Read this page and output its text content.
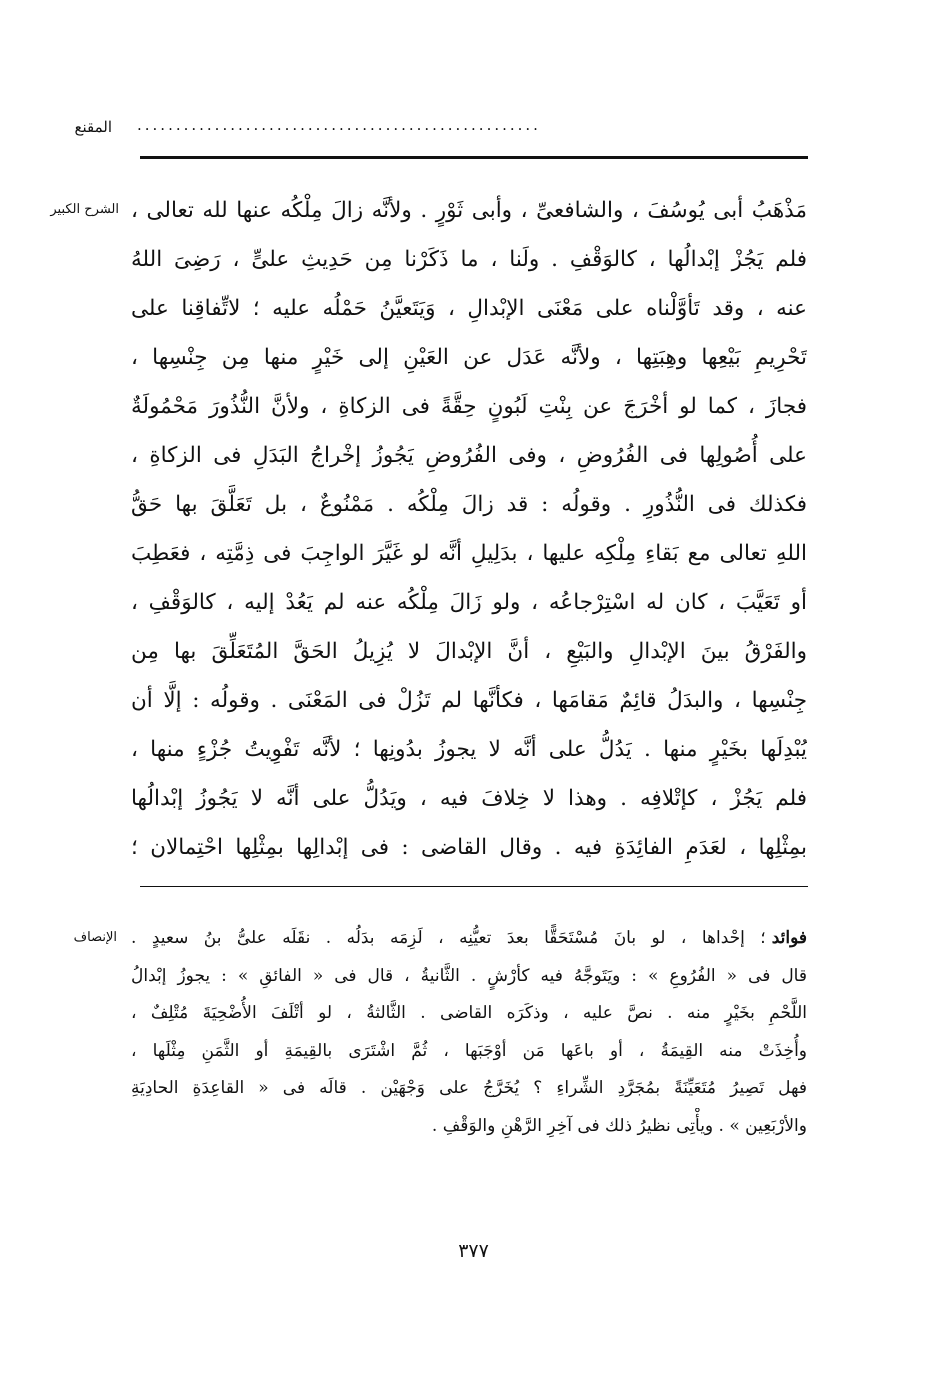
المقنع ....................................................
الشرح الكبير مَذْهَبُ أبى يُوسُفَ ، والشافعىِّ ، وأبى ثَوْرٍ . ولأنَّه زالَ مِلْكُه عنها لله تعالى ،
فلم يَجُزْ إبْدالُها ، كالوَقْفِ . ولَنا ، ما ذَكَرْنا مِن حَدِيثِ علىٍّ ، رَضِىَ اللهُ
عنه ، وقد تَأوَّلْناه على مَعْنَى الإبْدالِ ، وَيَتَعيَّنُ حَمْلُه عليه ؛ لاتِّفاقِنا على
تَحْرِيمِ بَيْعِها وهِبَتِها ، ولأنَّه عَدَل عن العَيْنِ إلى خَيْرٍ منها مِن جِنْسِها ،
فجازَ ، كما لو أخْرَجَ عن بِنْتِ لَبُونٍ حِقَّةً فى الزكاةِ ، ولأنَّ النُّذُورَ مَحْمُولَةٌ
على أُصُولِها فى الفُرُوضِ ، وفى الفُرُوضِ يَجُوزُ إخْراجُ البَدَلِ فى الزكاةِ ،
فكذلك فى النُّذُورِ . وقولُه : قد زالَ مِلْكُه . مَمْنُوعٌ ، بل تَعَلَّقَ بها حَقُّ
اللهِ تعالى مع بَقاءِ مِلْكِه عليها ، بدَلِيلِ أنَّه لو غَيَّرَ الواجِبَ فى ذِمَّتِه ، فعَطِبَ
أو تَعَيَّبَ ، كان له اسْتِرْجاعُه ، ولو زَالَ مِلْكُه عنه لم يَعُدْ إليه ، كالوَقْفِ ،
والفَرْقُ بينَ الإبْدالِ والبَيْعِ ، أنَّ الإبْدالَ لا يُزِيلُ الحَقَّ المُتَعَلِّقَ بها مِن
جِنْسِها ، والبدَلُ قائِمٌ مَقامَها ، فكأنَّها لم تَزُلْ فى المَعْنَى . وقولُه : إلَّا أن
يُبْدِلَها بخَيْرٍ منها . يَدُلُّ على أنَّه لا يجوزُ بدُونِها ؛ لأنَّه تَفْوِيتُ جُزْءٍ منها ،
فلم يَجُزْ ، كإتْلافِه . وهذا لا خِلافَ فيه ، ويَدُلُّ على أنَّه لا يَجُوزُ إبْدالُها
بمِثْلِها ، لعَدَمِ الفائِدَةِ فيه . وقال القاضى : فى إبْدالِها بمِثْلِها احْتِمالان ؛
الإنصاف	فوائد؛ إحْداها ، لو بانَ مُسْتَحَقًّا بعدَ تعيُّنِه ، لَزِمَه بدَلُه . نقَلَه علىُّ بنُ سعيدٍ .
قال فى « الفُرُوعِ » : ويَتَوجَّهُ فيه كأرْشٍ . الثَّانيةُ ، قال فى « الفائقِ » : يجوزُ إبْدالُ
اللَّحْمِ بخَيْرٍ منه . نصَّ عليه ، وذكَرَه القاضى . الثَّالثةُ ، لو أتْلَفَ الأُضْحِيَةَ مُتْلِفٌ ،
وأُخِذَتْ منه القِيمَةُ ، أو باعَها مَن أوْجَبَها ، ثُمَّ اشْتَرَى بالقِيمَةِ أو الثَّمَنِ مِثْلَها ،
فهل تَصِيرُ مُتَعَيِّنَةً بمُجَرَّدِ الشِّراءِ ؟ يُخَرَّجُ على وَجْهَيْن . قالَه فى « القاعِدَةِ الحادِيَةِ
والأرْبَعِين » . ويأْتِى نظيرُ ذلك فى آخِرِ الرَّهْنِ والوَقْفِ .
٣٧٧
